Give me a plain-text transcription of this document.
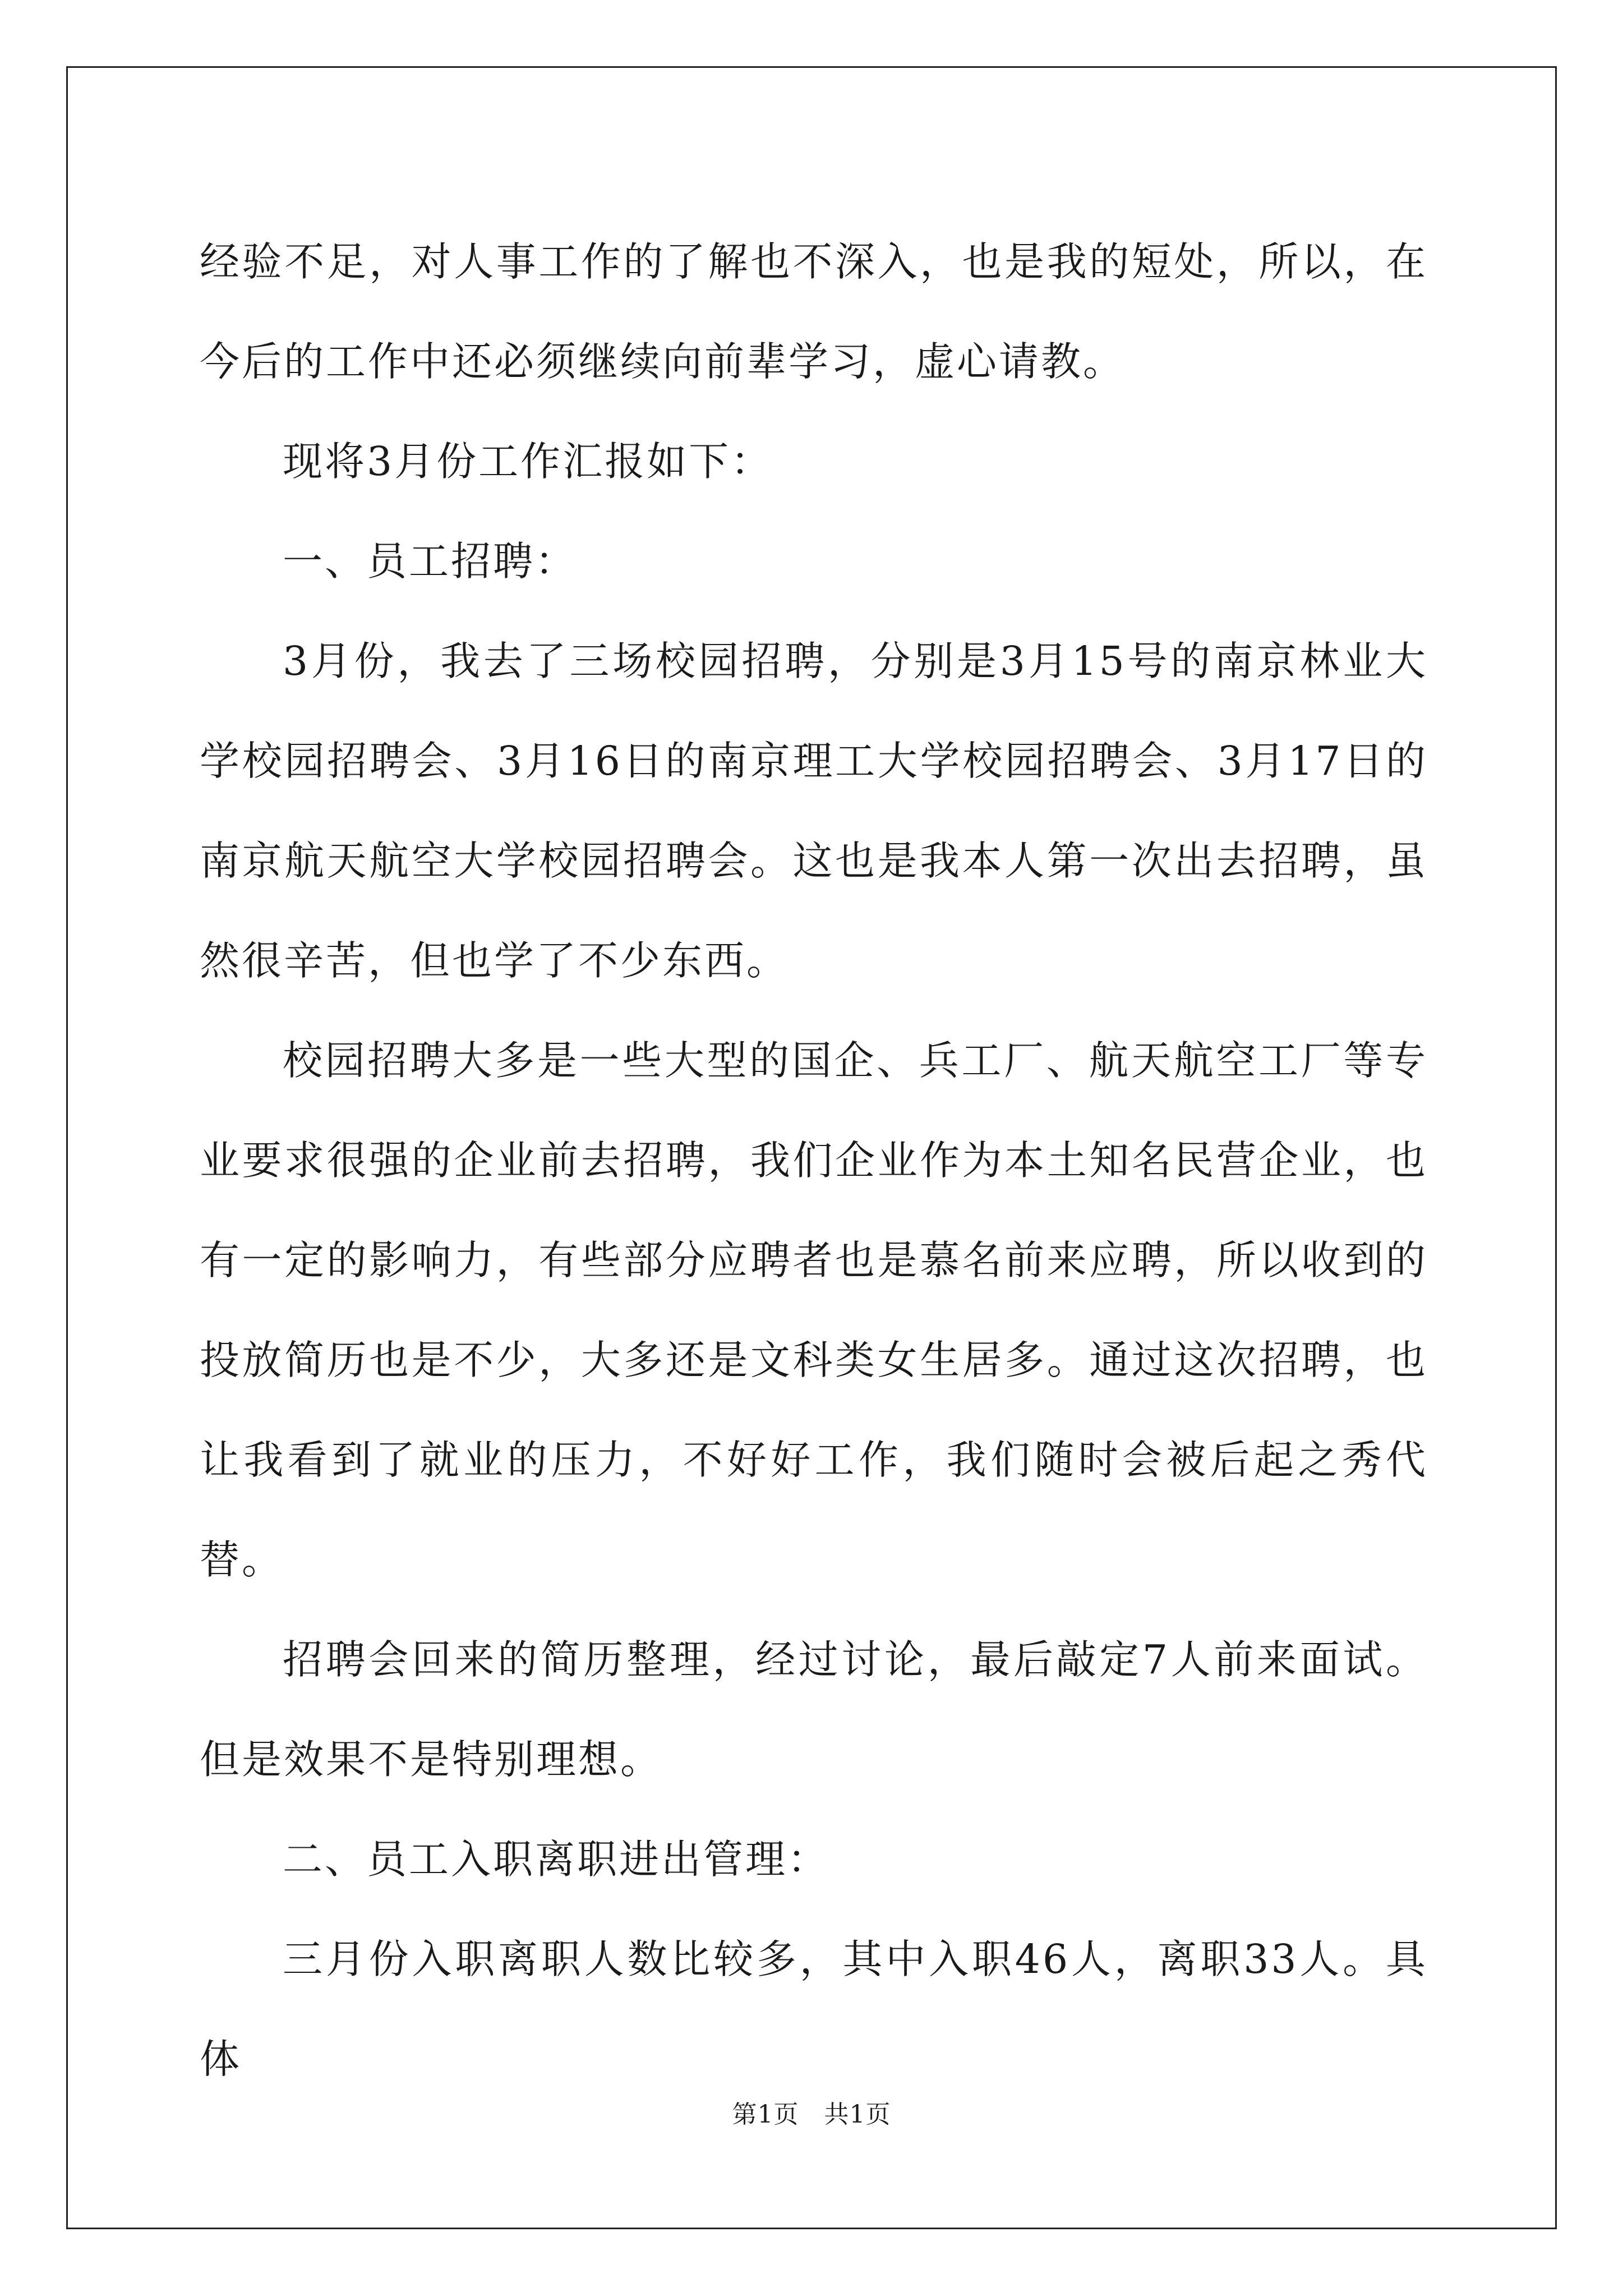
经验不足，对人事工作的了解也不深入，也是我的短处，所以，在今后的工作中还必须继续向前辈学习，虚心请教。

现将3月份工作汇报如下：

一、员工招聘：

3月份，我去了三场校园招聘，分别是3月15号的南京林业大学校园招聘会、3月16日的南京理工大学校园招聘会、3月17日的南京航天航空大学校园招聘会。这也是我本人第一次出去招聘，虽然很辛苦，但也学了不少东西。

校园招聘大多是一些大型的国企、兵工厂、航天航空工厂等专业要求很强的企业前去招聘，我们企业作为本土知名民营企业，也有一定的影响力，有些部分应聘者也是慕名前来应聘，所以收到的投放简历也是不少，大多还是文科类女生居多。通过这次招聘，也让我看到了就业的压力，不好好工作，我们随时会被后起之秀代替。

招聘会回来的简历整理，经过讨论，最后敲定7人前来面试。但是效果不是特别理想。

二、员工入职离职进出管理：

三月份入职离职人数比较多，其中入职46人，离职33人。具体

第1页 共1页
